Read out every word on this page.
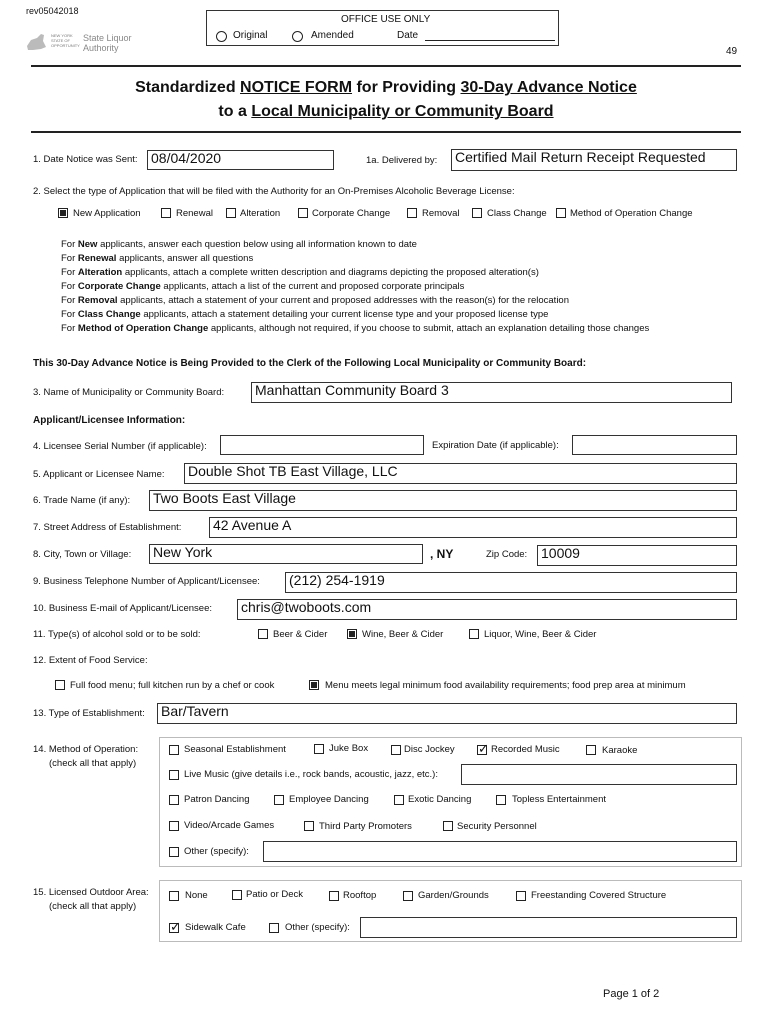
rev05042018
NEW YORK STATE OF OPPORTUNITY
State Liquor
Authority
OFFICE USE ONLY
Original	Amended	Date
49
Standardized NOTICE FORM for Providing 30-Day Advance Notice
to a Local Municipality or Community Board
1. Date Notice was Sent: 08/04/2020	1a. Delivered by: Certified Mail Return Receipt Requested
2. Select the type of Application that will be filed with the Authority for an On-Premises Alcoholic Beverage License:
New Application	Renewal	Alteration	Corporate Change	Removal	Class Change Method of Operation Change
For New applicants, answer each question below using all information known to date
For Renewal applicants, answer all questions
For Alteration applicants, attach a complete written description and diagrams depicting the proposed alteration(s)
For Corporate Change applicants, attach a list of the current and proposed corporate principals
For Removal applicants, attach a statement of your current and proposed addresses with the reason(s) for the relocation
For Class Change applicants, attach a statement detailing your current license type and your proposed license type
For Method of Operation Change applicants, although not required, if you choose to submit, attach an explanation detailing those changes
This 30-Day Advance Notice is Being Provided to the Clerk of the Following Local Municipality or Community Board:
3. Name of Municipality or Community Board: Manhattan Community Board 3
Applicant/Licensee Information:
4. Licensee Serial Number (if applicable):	Expiration Date (if applicable):
5. Applicant or Licensee Name: Double Shot TB East Village, LLC
6. Trade Name (if any): Two Boots East Village
7. Street Address of Establishment: 42 Avenue A
8. City, Town or Village: New York	, NY	Zip Code: 10009
9. Business Telephone Number of Applicant/Licensee: (212) 254-1919
10. Business E-mail of Applicant/Licensee: chris@twoboots.com
11. Type(s) of alcohol sold or to be sold:	Beer & Cider	Wine, Beer & Cider	Liquor, Wine, Beer & Cider
12. Extent of Food Service:
Full food menu; full kitchen run by a chef or cook	Menu meets legal minimum food availability requirements; food prep area at minimum
13. Type of Establishment: Bar/Tavern
14. Method of Operation:
(check all that apply)
Seasonal Establishment	Juke Box	Disc Jockey ✓ Recorded Music	Karaoke
Live Music (give details i.e., rock bands, acoustic, jazz, etc.):
Patron Dancing	Employee Dancing	Exotic Dancing	Topless Entertainment
Video/Arcade Games	Third Party Promoters	Security Personnel
Other (specify):
15. Licensed Outdoor Area:
(check all that apply)
None	Patio or Deck	Rooftop	Garden/Grounds	Freestanding Covered Structure
✓ Sidewalk Cafe	Other (specify):
Page 1 of 2
